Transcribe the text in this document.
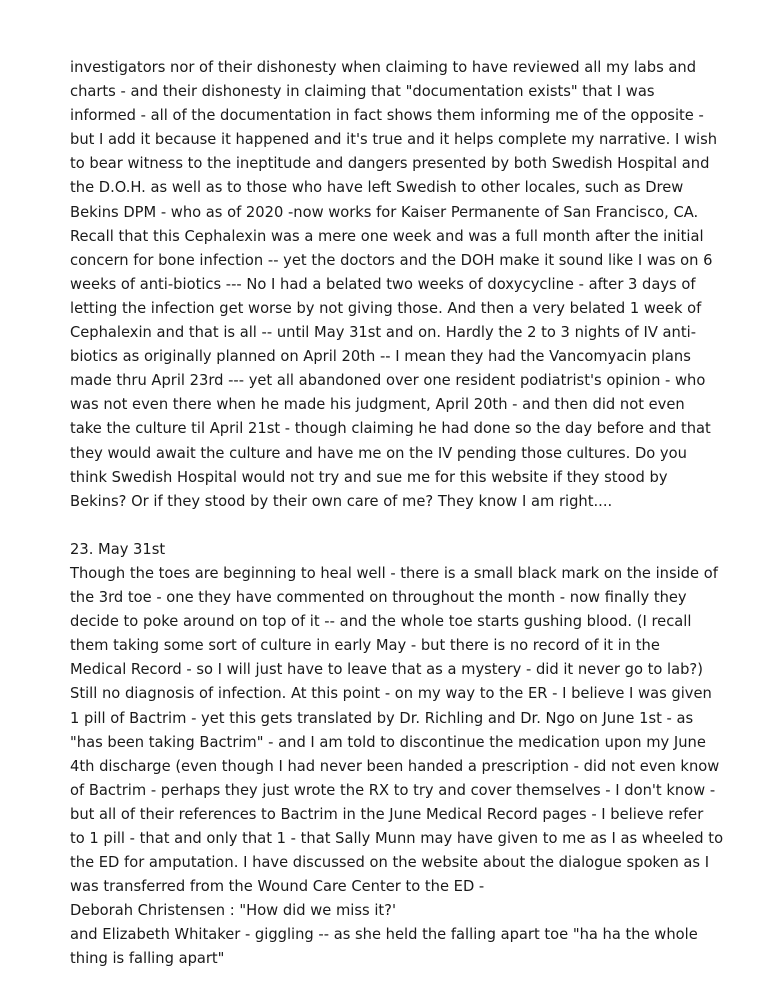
investigators nor of their dishonesty when claiming to have reviewed all my labs and
charts - and their dishonesty in claiming that "documentation exists" that I was
informed - all of the documentation in fact shows them informing me of the opposite -
but I add it because it happened and it's true and it helps complete my narrative. I wish
to bear witness to the ineptitude and dangers presented by both Swedish Hospital and
the D.O.H. as well as to those who have left Swedish to other locales, such as Drew
Bekins DPM - who as of 2020 -now works for Kaiser Permanente of San Francisco, CA.
Recall that this Cephalexin was a mere one week and was a full month after the initial
concern for bone infection -- yet the doctors and the DOH make it sound like I was on 6
weeks of anti-biotics --- No I had a belated two weeks of doxycycline - after 3 days of
letting the infection get worse by not giving those. And then a very belated 1 week of
Cephalexin and that is all -- until May 31st and on. Hardly the 2 to 3 nights of IV anti-
biotics as originally planned on April 20th -- I mean they had the Vancomyacin plans
made thru April 23rd --- yet all abandoned over one resident podiatrist's opinion - who
was not even there when he made his judgment, April 20th - and then did not even
take the culture til April 21st - though claiming he had done so the day before and that
they would await the culture and have me on the IV pending those cultures. Do you
think Swedish Hospital would not try and sue me for this website if they stood by
Bekins? Or if they stood by their own care of me? They know I am right....
23. May 31st
Though the toes are beginning to heal well - there is a small black mark on the inside of
the 3rd toe - one they have commented on throughout the month - now finally they
decide to poke around on top of it -- and the whole toe starts gushing blood. (I recall
them taking some sort of culture in early May - but there is no record of it in the
Medical Record - so I will just have to leave that as a mystery - did it never go to lab?)
Still no diagnosis of infection. At this point - on my way to the ER - I believe I was given
1 pill of Bactrim - yet this gets translated by Dr. Richling and Dr. Ngo on June 1st - as
"has been taking Bactrim" - and I am told to discontinue the medication upon my June
4th discharge (even though I had never been handed a prescription - did not even know
of Bactrim - perhaps they just wrote the RX to try and cover themselves - I don't know -
but all of their references to Bactrim in the June Medical Record pages - I believe refer
to 1 pill - that and only that 1 - that Sally Munn may have given to me as I as wheeled to
the ED for amputation. I have discussed on the website about the dialogue spoken as I
was transferred from the Wound Care Center to the ED -
Deborah Christensen : "How did we miss it?'
and Elizabeth Whitaker - giggling -- as she held the falling apart toe "ha ha the whole
thing is falling apart"
